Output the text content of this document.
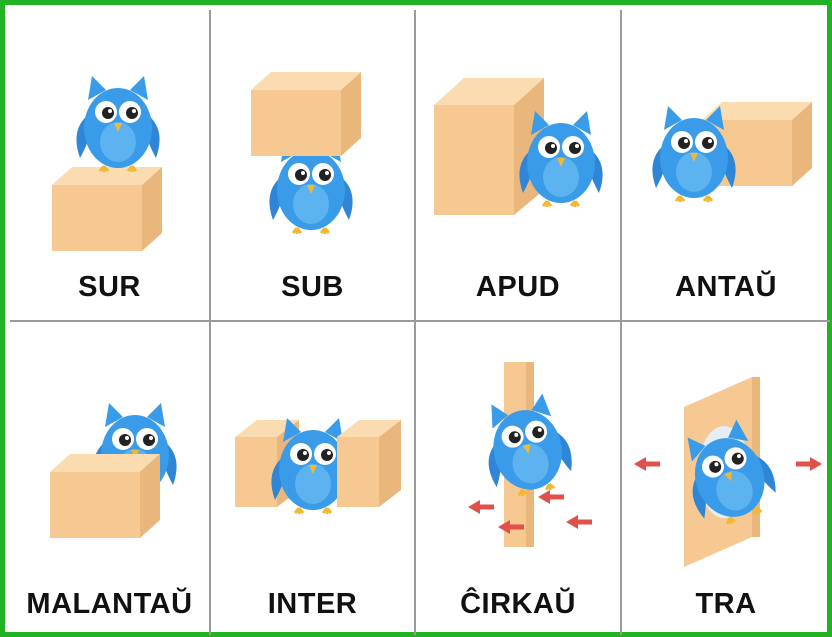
SUR	SUB	APUD	ANTAŬ
MALANTAŬ	INTER	ĈIRKAŬ	TRA
